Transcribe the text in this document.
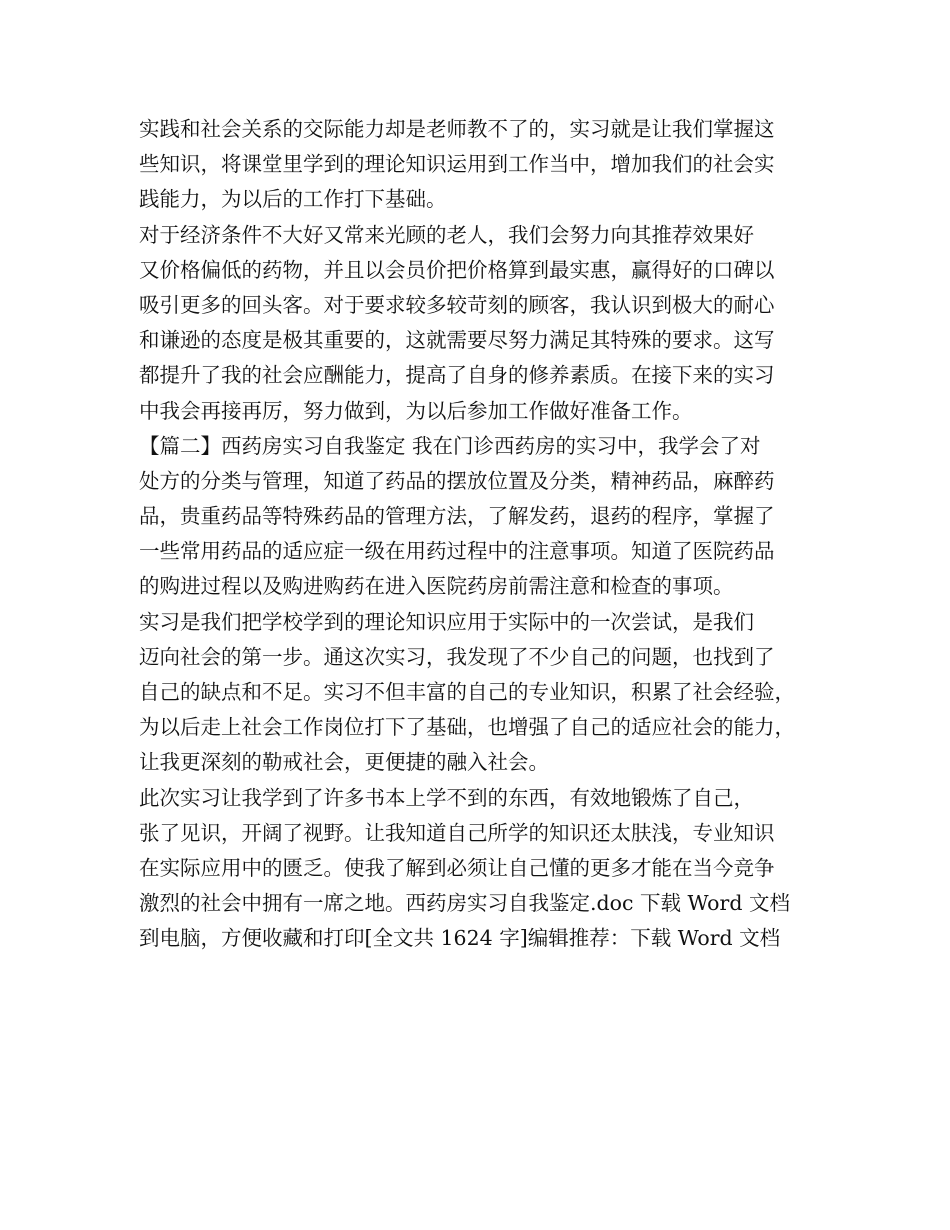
实践和社会关系的交际能力却是老师教不了的，实习就是让我们掌握这
些知识，将课堂里学到的理论知识运用到工作当中，增加我们的社会实
践能力，为以后的工作打下基础。
对于经济条件不大好又常来光顾的老人，我们会努力向其推荐效果好
又价格偏低的药物，并且以会员价把价格算到最实惠，赢得好的口碑以
吸引更多的回头客。对于要求较多较苛刻的顾客，我认识到极大的耐心
和谦逊的态度是极其重要的，这就需要尽努力满足其特殊的要求。这写
都提升了我的社会应酬能力，提高了自身的修养素质。在接下来的实习
中我会再接再厉，努力做到，为以后参加工作做好准备工作。
【篇二】西药房实习自我鉴定 我在门诊西药房的实习中，我学会了对
处方的分类与管理，知道了药品的摆放位置及分类，精神药品，麻醉药
品，贵重药品等特殊药品的管理方法，了解发药，退药的程序，掌握了
一些常用药品的适应症一级在用药过程中的注意事项。知道了医院药品
的购进过程以及购进购药在进入医院药房前需注意和检查的事项。
实习是我们把学校学到的理论知识应用于实际中的一次尝试，是我们
迈向社会的第一步。通这次实习，我发现了不少自己的问题，也找到了
自己的缺点和不足。实习不但丰富的自己的专业知识，积累了社会经验，
为以后走上社会工作岗位打下了基础，也增强了自己的适应社会的能力，
让我更深刻的勒戒社会，更便捷的融入社会。
此次实习让我学到了许多书本上学不到的东西，有效地锻炼了自己，
张了见识，开阔了视野。让我知道自己所学的知识还太肤浅，专业知识
在实际应用中的匮乏。使我了解到必须让自己懂的更多才能在当今竞争
激烈的社会中拥有一席之地。西药房实习自我鉴定.doc 下载 Word 文档
到电脑，方便收藏和打印[全文共 1624 字]编辑推荐：下载 Word 文档
